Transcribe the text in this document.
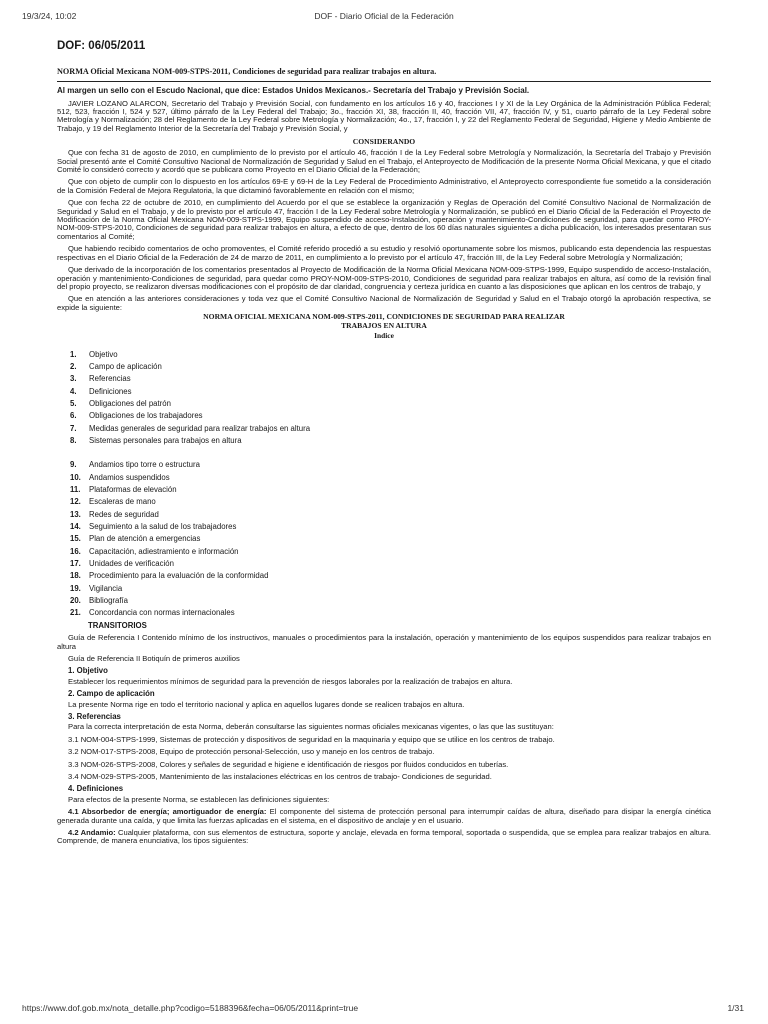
19/3/24, 10:02	DOF - Diario Oficial de la Federación
DOF: 06/05/2011
NORMA Oficial Mexicana NOM-009-STPS-2011, Condiciones de seguridad para realizar trabajos en altura.
Al margen un sello con el Escudo Nacional, que dice: Estados Unidos Mexicanos.- Secretaría del Trabajo y Previsión Social.

JAVIER LOZANO ALARCON, Secretario del Trabajo y Previsión Social, con fundamento en los artículos 16 y 40, fracciones I y XI de la Ley Orgánica de la Administración Pública Federal; 512, 523, fracción I, 524 y 527, último párrafo de la Ley Federal del Trabajo; 3o., fracción XI, 38, fracción II, 40, fracción VII, 47, fracción IV, y 51, cuarto párrafo de la Ley Federal sobre Metrología y Normalización; 28 del Reglamento de la Ley Federal sobre Metrología y Normalización; 4o., 17, fracción I, y 22 del Reglamento Federal de Seguridad, Higiene y Medio Ambiente de Trabajo, y 19 del Reglamento Interior de la Secretaría del Trabajo y Previsión Social, y

CONSIDERANDO

Que con fecha 31 de agosto de 2010, en cumplimiento de lo previsto por el artículo 46, fracción I de la Ley Federal sobre Metrología y Normalización, la Secretaría del Trabajo y Previsión Social presentó ante el Comité Consultivo Nacional de Normalización de Seguridad y Salud en el Trabajo, el Anteproyecto de Modificación de la presente Norma Oficial Mexicana, y que el citado Comité lo consideró correcto y acordó que se publicara como Proyecto en el Diario Oficial de la Federación;

Que con objeto de cumplir con lo dispuesto en los artículos 69-E y 69-H de la Ley Federal de Procedimiento Administrativo, el Anteproyecto correspondiente fue sometido a la consideración de la Comisión Federal de Mejora Regulatoria, la que dictaminó favorablemente en relación con el mismo;

Que con fecha 22 de octubre de 2010, en cumplimiento del Acuerdo por el que se establece la organización y Reglas de Operación del Comité Consultivo Nacional de Normalización de Seguridad y Salud en el Trabajo, y de lo previsto por el artículo 47, fracción I de la Ley Federal sobre Metrología y Normalización, se publicó en el Diario Oficial de la Federación el Proyecto de Modificación de la Norma Oficial Mexicana NOM-009-STPS-1999, Equipo suspendido de acceso-Instalación, operación y mantenimiento-Condiciones de seguridad, para quedar como PROY-NOM-009-STPS-2010, Condiciones de seguridad para realizar trabajos en altura, a efecto de que, dentro de los 60 días naturales siguientes a dicha publicación, los interesados presentaran sus comentarios al Comité;

Que habiendo recibido comentarios de ocho promoventes, el Comité referido procedió a su estudio y resolvió oportunamente sobre los mismos, publicando esta dependencia las respuestas respectivas en el Diario Oficial de la Federación de 24 de marzo de 2011, en cumplimiento a lo previsto por el artículo 47, fracción III, de la Ley Federal sobre Metrología y Normalización;

Que derivado de la incorporación de los comentarios presentados al Proyecto de Modificación de la Norma Oficial Mexicana NOM-009-STPS-1999, Equipo suspendido de acceso-Instalación, operación y mantenimiento-Condiciones de seguridad, para quedar como PROY-NOM-009-STPS-2010, Condiciones de seguridad para realizar trabajos en altura, así como de la revisión final del propio proyecto, se realizaron diversas modificaciones con el propósito de dar claridad, congruencia y certeza jurídica en cuanto a las disposiciones que aplican en los centros de trabajo, y

Que en atención a las anteriores consideraciones y toda vez que el Comité Consultivo Nacional de Normalización de Seguridad y Salud en el Trabajo otorgó la aprobación respectiva, se expide la siguiente:

NORMA OFICIAL MEXICANA NOM-009-STPS-2011, CONDICIONES DE SEGURIDAD PARA REALIZAR
TRABAJOS EN ALTURA
Indice
1.	Objetivo
2.	Campo de aplicación
3.	Referencias
4.	Definiciones
5.	Obligaciones del patrón
6.	Obligaciones de los trabajadores
7.	Medidas generales de seguridad para realizar trabajos en altura
8.	Sistemas personales para trabajos en altura
9.	Andamios tipo torre o estructura
10.	Andamios suspendidos
11.	Plataformas de elevación
12.	Escaleras de mano
13.	Redes de seguridad
14.	Seguimiento a la salud de los trabajadores
15.	Plan de atención a emergencias
16.	Capacitación, adiestramiento e información
17.	Unidades de verificación
18.	Procedimiento para la evaluación de la conformidad
19.	Vigilancia
20.	Bibliografía
21.	Concordancia con normas internacionales
TRANSITORIOS

Guía de Referencia I Contenido mínimo de los instructivos, manuales o procedimientos para la instalación, operación y mantenimiento de los equipos suspendidos para realizar trabajos en altura

Guía de Referencia II Botiquín de primeros auxilios

1. Objetivo

Establecer los requerimientos mínimos de seguridad para la prevención de riesgos laborales por la realización de trabajos en altura.

2. Campo de aplicación

La presente Norma rige en todo el territorio nacional y aplica en aquellos lugares donde se realicen trabajos en altura.

3. Referencias

Para la correcta interpretación de esta Norma, deberán consultarse las siguientes normas oficiales mexicanas vigentes, o las que las sustituyan:

3.1 NOM-004-STPS-1999, Sistemas de protección y dispositivos de seguridad en la maquinaria y equipo que se utilice en los centros de trabajo.

3.2 NOM-017-STPS-2008, Equipo de protección personal-Selección, uso y manejo en los centros de trabajo.

3.3 NOM-026-STPS-2008, Colores y señales de seguridad e higiene e identificación de riesgos por fluidos conducidos en tuberías.

3.4 NOM-029-STPS-2005, Mantenimiento de las instalaciones eléctricas en los centros de trabajo- Condiciones de seguridad.

4. Definiciones

Para efectos de la presente Norma, se establecen las definiciones siguientes:

4.1 Absorbedor de energía; amortiguador de energía: El componente del sistema de protección personal para interrumpir caídas de altura, diseñado para disipar la energía cinética generada durante una caída, y que limita las fuerzas aplicadas en el sistema, en el dispositivo de anclaje y en el usuario.

4.2 Andamio: Cualquier plataforma, con sus elementos de estructura, soporte y anclaje, elevada en forma temporal, soportada o suspendida, que se emplea para realizar trabajos en altura. Comprende, de manera enunciativa, los tipos siguientes:

https://www.dof.gob.mx/nota_detalle.php?codigo=5188396&fecha=06/05/2011&print=true	1/31
